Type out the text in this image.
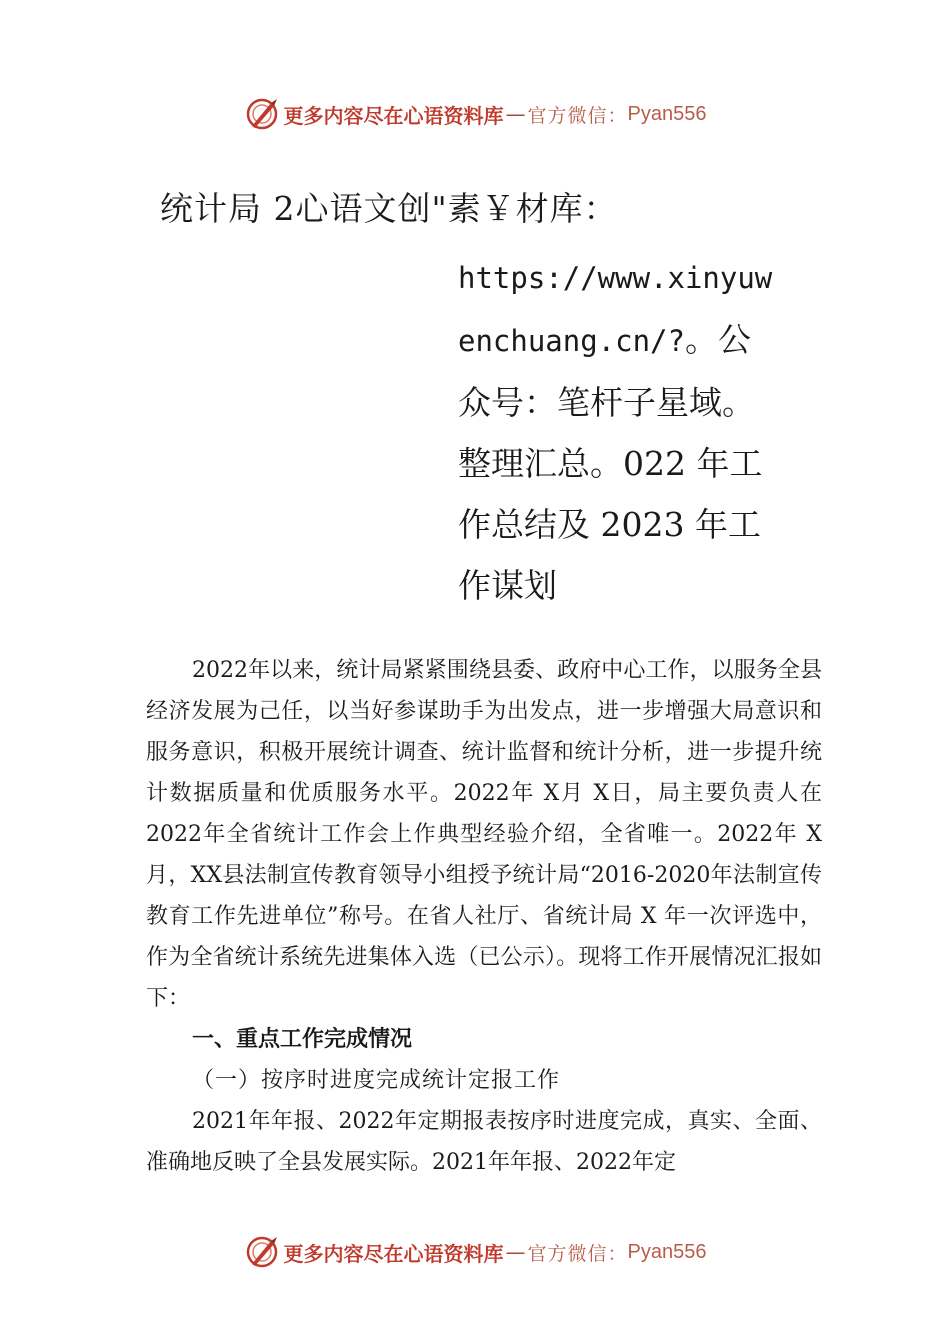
更多内容尽在心语资料库 — 官方微信： Pyan556
统计局 2心语文创"素￥材库：
https://www.xinyuw
enchuang.cn/?。公
众号：笔杆子星域。
整理汇总。022 年工
作总结及 2023 年工
作谋划

2022年以来，统计局紧紧围绕县委、政府中心工作，以服务全县经济发展为己任，以当好参谋助手为出发点，进一步增强大局意识和服务意识，积极开展统计调查、统计监督和统计分析，进一步提升统计数据质量和优质服务水平。2022年 X月 X日，局主要负责人在 2022年全省统计工作会上作典型经验介绍，全省唯一。2022年 X月，XX县法制宣传教育领导小组授予统计局“2016-2020年法制宣传教育工作先进单位”称号。在省人社厅、省统计局 X 年一次评选中， 作为全省统计系统先进集体入选（已公示）。现将工作开展情况汇报如下：

一、重点工作完成情况
（一）按序时进度完成统计定报工作

2021年年报、2022年定期报表按序时进度完成，真实、全面、准确地反映了全县发展实际。2021年年报、2022年定

更多内容尽在心语资料库 — 官方微信： Pyan556
